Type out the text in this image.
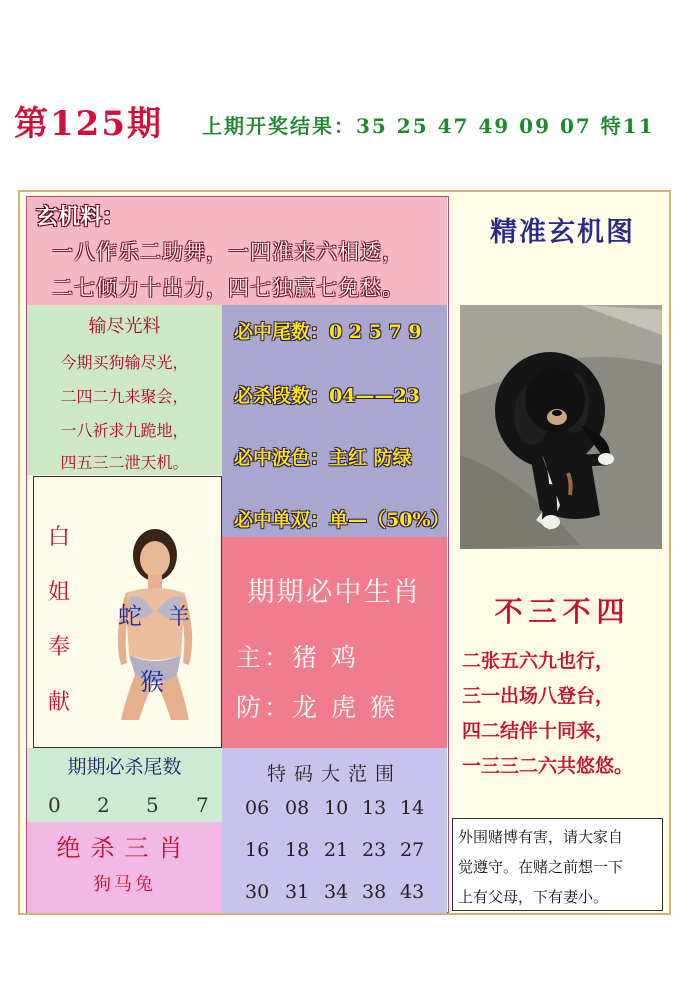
第125期 上期开奖结果：35 25 47 49 09 07 特11
玄机料：
一八作乐二助舞，一四准来六相透，
二七倾力十出力，四七独赢七免愁。
输尽光料
今期买狗输尽光，
二四二九来聚会，
一八祈求九跪地，
四五三二泄天机。
白
姐
奉
献
蛇 羊
猴
必中尾数：0 2 5 7 9
必杀段数：04——23
必中波色：主红 防绿
必中单双：单—（50%）
期期必中生肖
主：猪 鸡
防：龙 虎 猴
期期必杀尾数
0 2 5 7
绝杀三肖
狗马兔
特码大范围
06 08 10 13 14
16 18 21 23 27
30 31 34 38 43
精准玄机图
不三不四
二张五六九也行，
三一出场八登台，
四二结伴十同来，
一三三二六共悠悠。
外围赌博有害，请大家自
觉遵守。在赌之前想一下
上有父母，下有妻小。
